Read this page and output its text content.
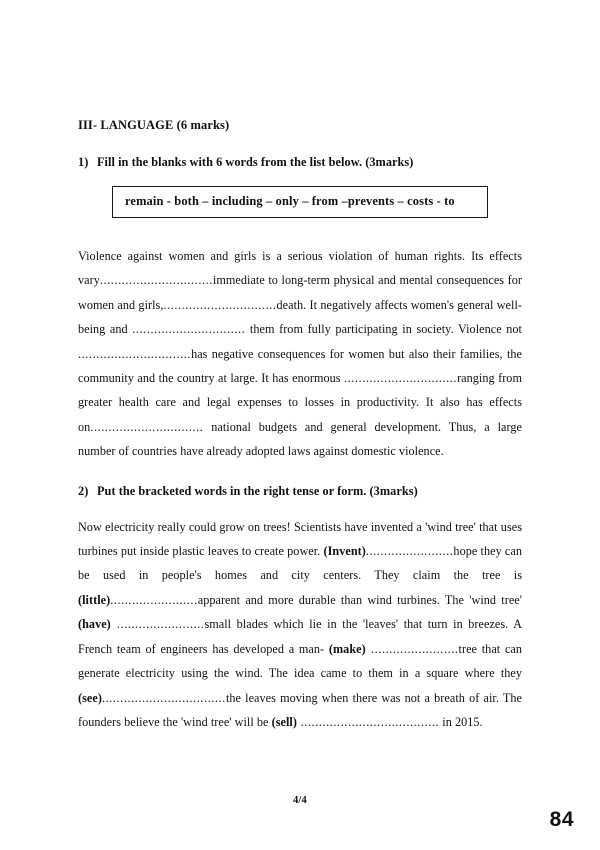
III- LANGUAGE (6 marks)
1) Fill in the blanks with 6 words from the list below. (3marks)
remain - both – including – only – from –prevents – costs - to

Violence against women and girls is a serious violation of human rights. Its effects vary...............................immediate to long-term physical and mental consequences for women and girls,...............................death. It negatively affects women's general well-being and ............................... them from fully participating in society. Violence not ...............................has negative consequences for women but also their families, the community and the country at large. It has enormous ...............................ranging from greater health care and legal expenses to losses in productivity. It also has effects on............................... national budgets and general development. Thus, a large number of countries have already adopted laws against domestic violence.

2) Put the bracketed words in the right tense or form. (3marks)

Now electricity really could grow on trees! Scientists have invented a 'wind tree' that uses turbines put inside plastic leaves to create power. (Invent)........................hope they can be used in people's homes and city centers. They claim the tree is (little)........................apparent and more durable than wind turbines. The 'wind tree' (have) ........................small blades which lie in the 'leaves' that turn in breezes. A French team of engineers has developed a man- (make) ........................tree that can generate electricity using the wind. The idea came to them in a square where they (see)..................................the leaves moving when there was not a breath of air. The founders believe the 'wind tree' will be (sell) ...................................... in 2015.

4/4
84
